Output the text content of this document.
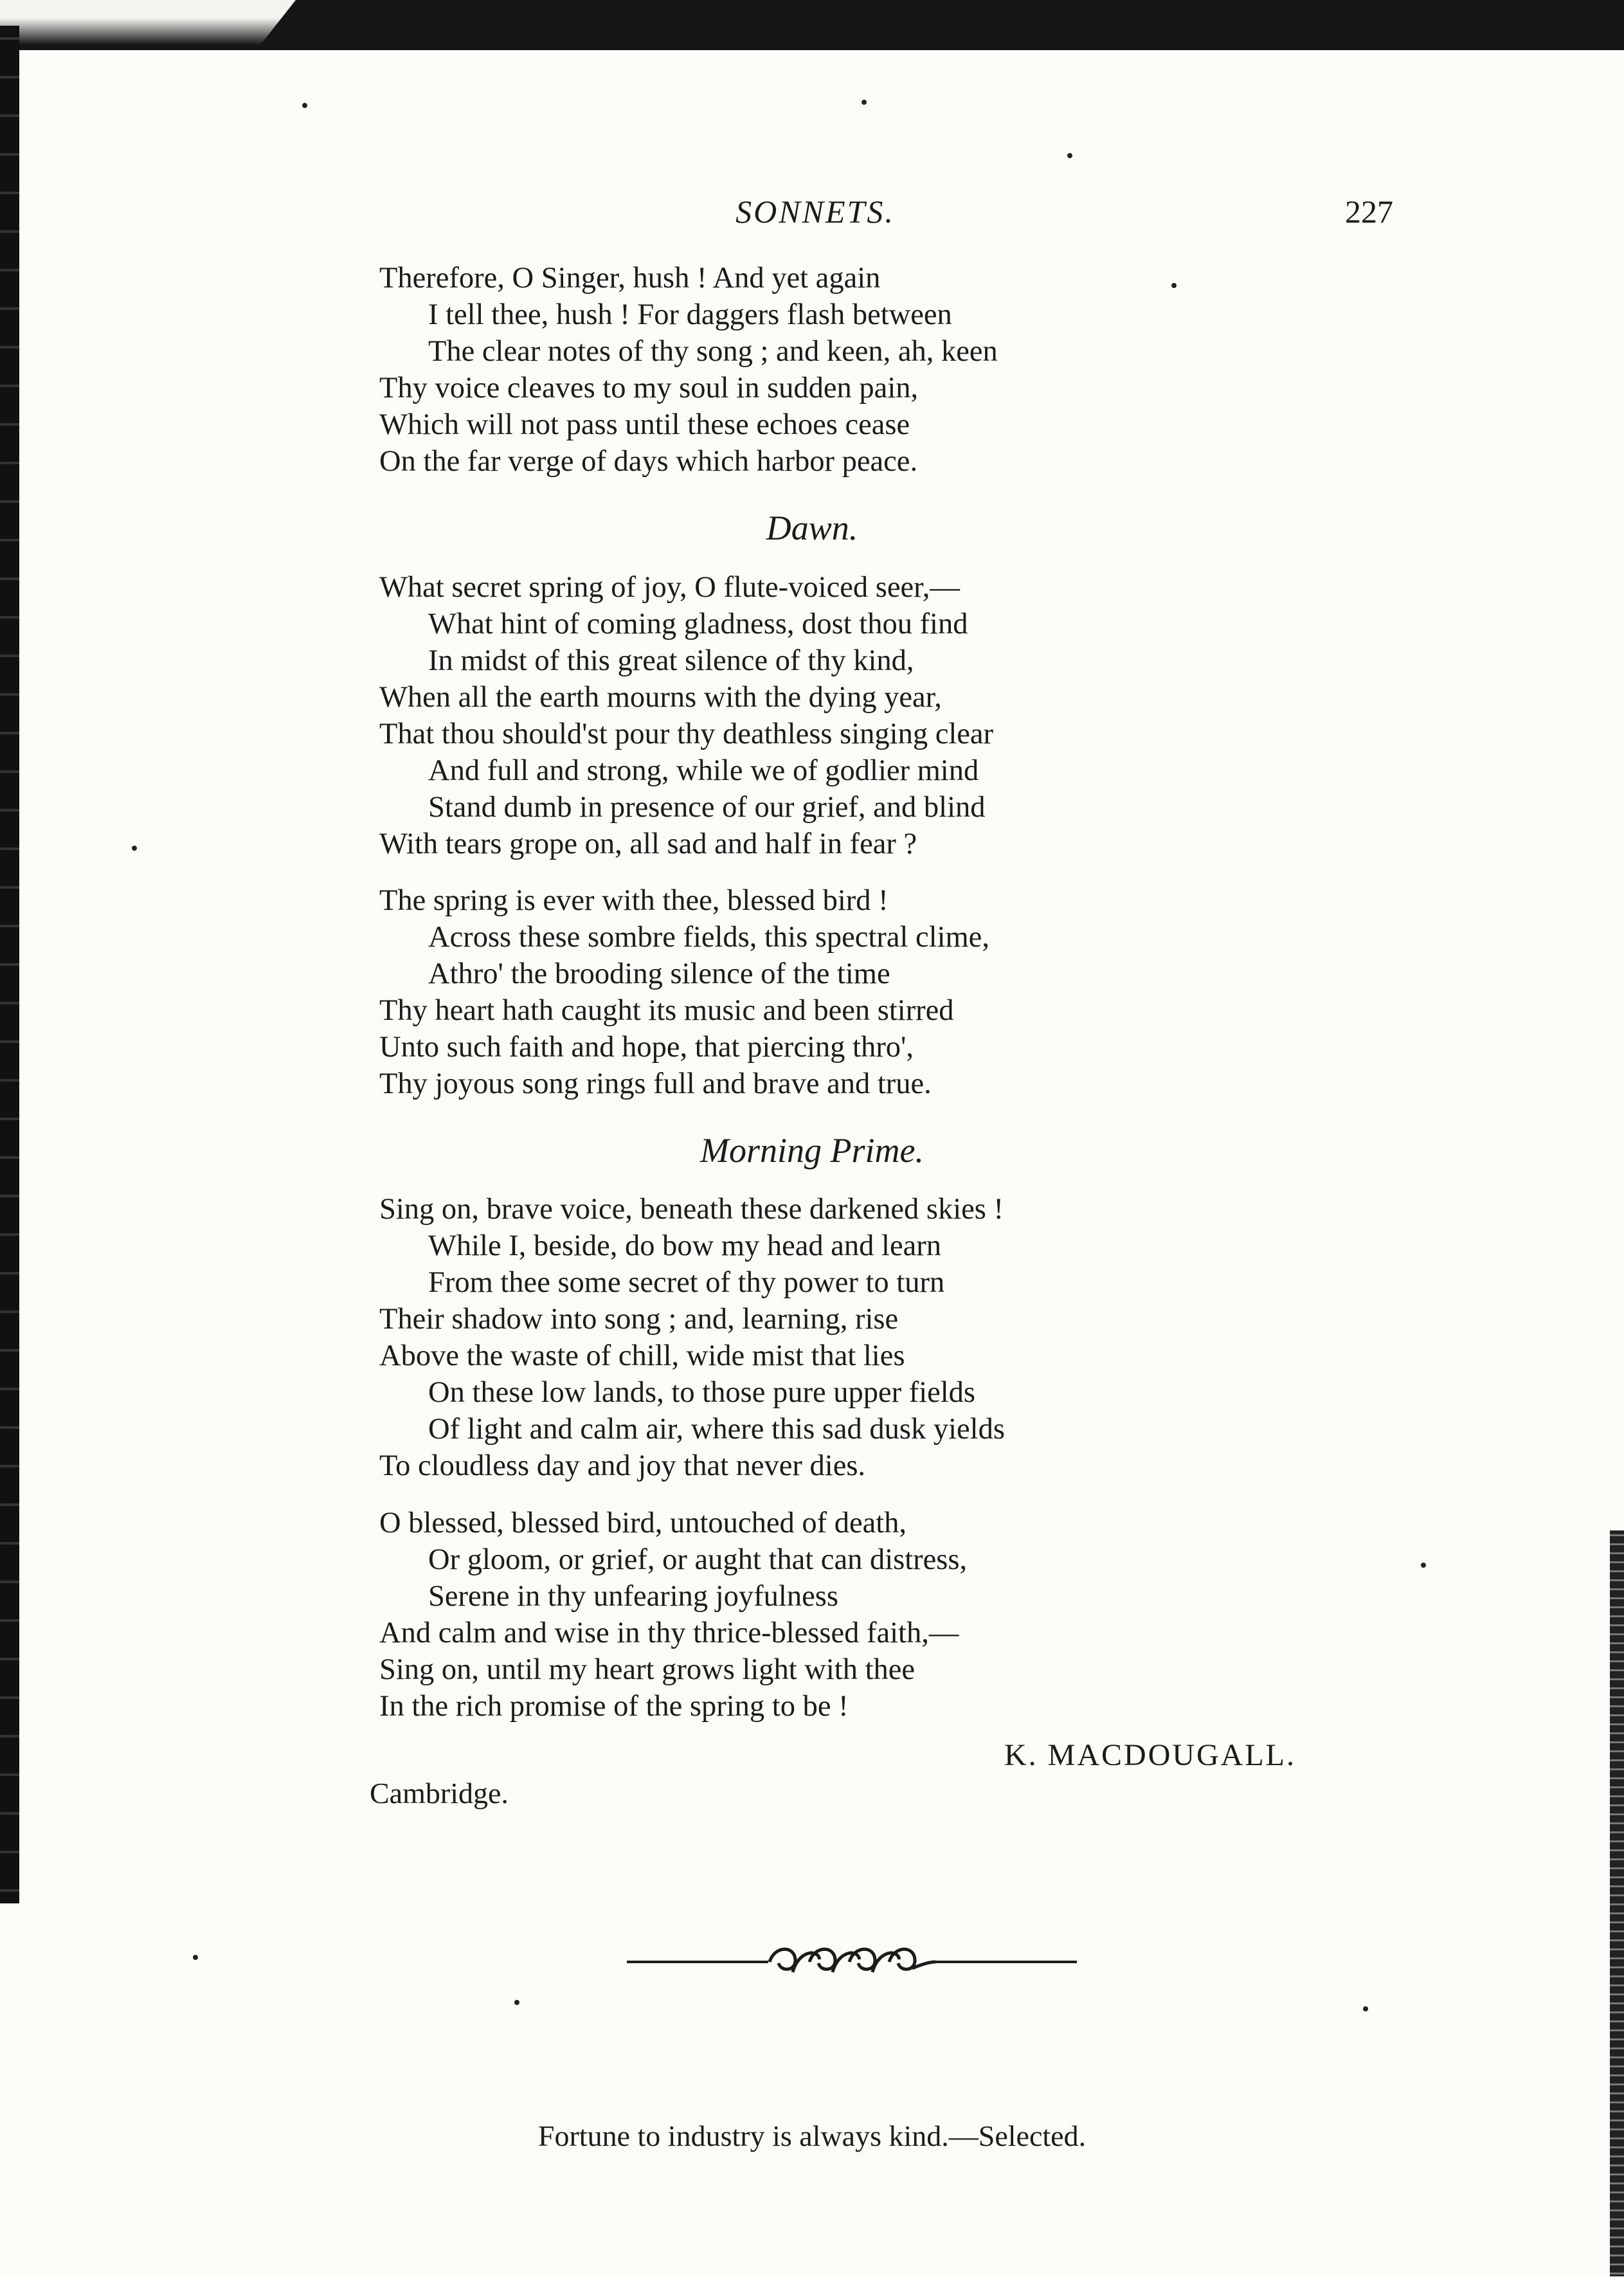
SONNETS.	227
Therefore, O Singer, hush ! And yet again
I tell thee, hush ! For daggers flash between
The clear notes of thy song ; and keen, ah, keen
Thy voice cleaves to my soul in sudden pain,
Which will not pass until these echoes cease
On the far verge of days which harbor peace.
Dawn.
What secret spring of joy, O flute-voiced seer,—
What hint of coming gladness, dost thou find
In midst of this great silence of thy kind,
When all the earth mourns with the dying year,
That thou should'st pour thy deathless singing clear
And full and strong, while we of godlier mind
Stand dumb in presence of our grief, and blind
With tears grope on, all sad and half in fear ?
The spring is ever with thee, blessed bird !
Across these sombre fields, this spectral clime,
Athro' the brooding silence of the time
Thy heart hath caught its music and been stirred
Unto such faith and hope, that piercing thro',
Thy joyous song rings full and brave and true.
Morning Prime.
Sing on, brave voice, beneath these darkened skies !
While I, beside, do bow my head and learn
From thee some secret of thy power to turn
Their shadow into song ; and, learning, rise
Above the waste of chill, wide mist that lies
On these low lands, to those pure upper fields
Of light and calm air, where this sad dusk yields
To cloudless day and joy that never dies.
O blessed, blessed bird, untouched of death,
Or gloom, or grief, or aught that can distress,
Serene in thy unfearing joyfulness
And calm and wise in thy thrice-blessed faith,—
Sing on, until my heart grows light with thee
In the rich promise of the spring to be !
K. MACDOUGALL.
Cambridge.
Fortune to industry is always kind.—Selected.
